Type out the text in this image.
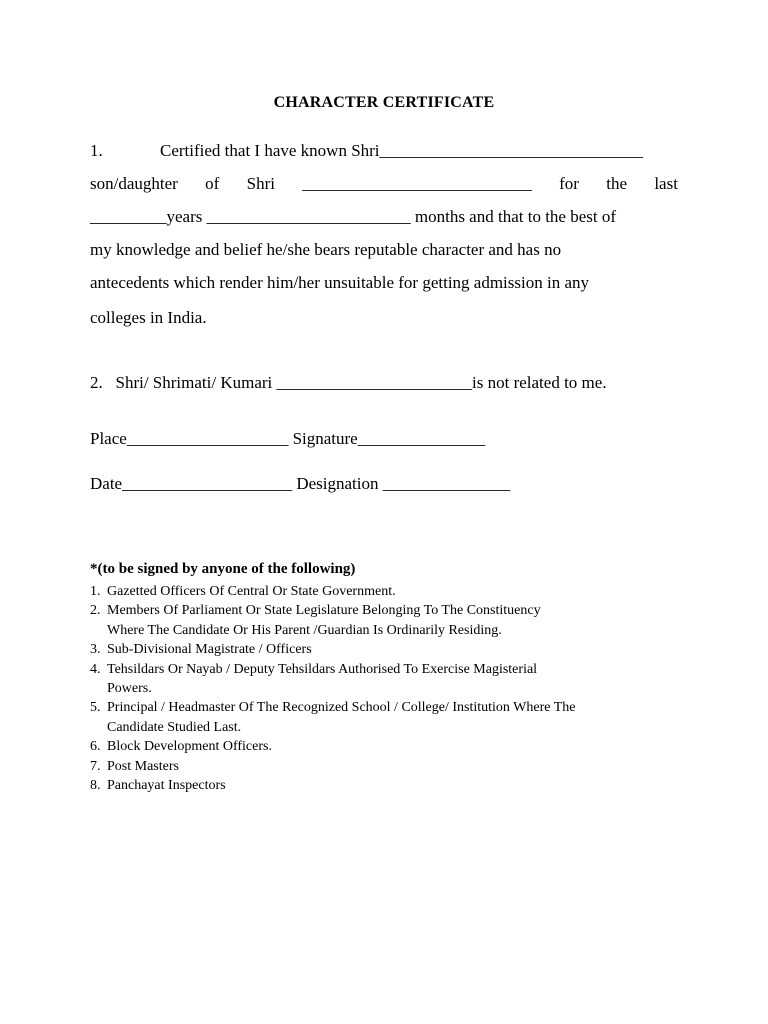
CHARACTER CERTIFICATE
1.	Certified that I have known Shri_______________________________
son/daughter of Shri ___________________________ for the last
_________years ________________________ months and that to the best of
my knowledge and belief he/she bears reputable character and has no
antecedents which render him/her unsuitable for getting admission in any
colleges in India.
2.   Shri/ Shrimati/ Kumari _______________________is not related to me.
Place___________________ Signature_______________
Date____________________ Designation _______________
*(to be signed by anyone of the following)
1. Gazetted Officers Of Central Or State Government.
2. Members Of Parliament Or State Legislature Belonging To The Constituency
Where The Candidate Or His Parent /Guardian Is Ordinarily Residing.
3. Sub-Divisional Magistrate / Officers
4. Tehsildars Or Nayab / Deputy Tehsildars Authorised To Exercise Magisterial
Powers.
5. Principal / Headmaster Of The Recognized School / College/ Institution Where The
Candidate Studied Last.
6. Block Development Officers.
7. Post Masters
8. Panchayat Inspectors
